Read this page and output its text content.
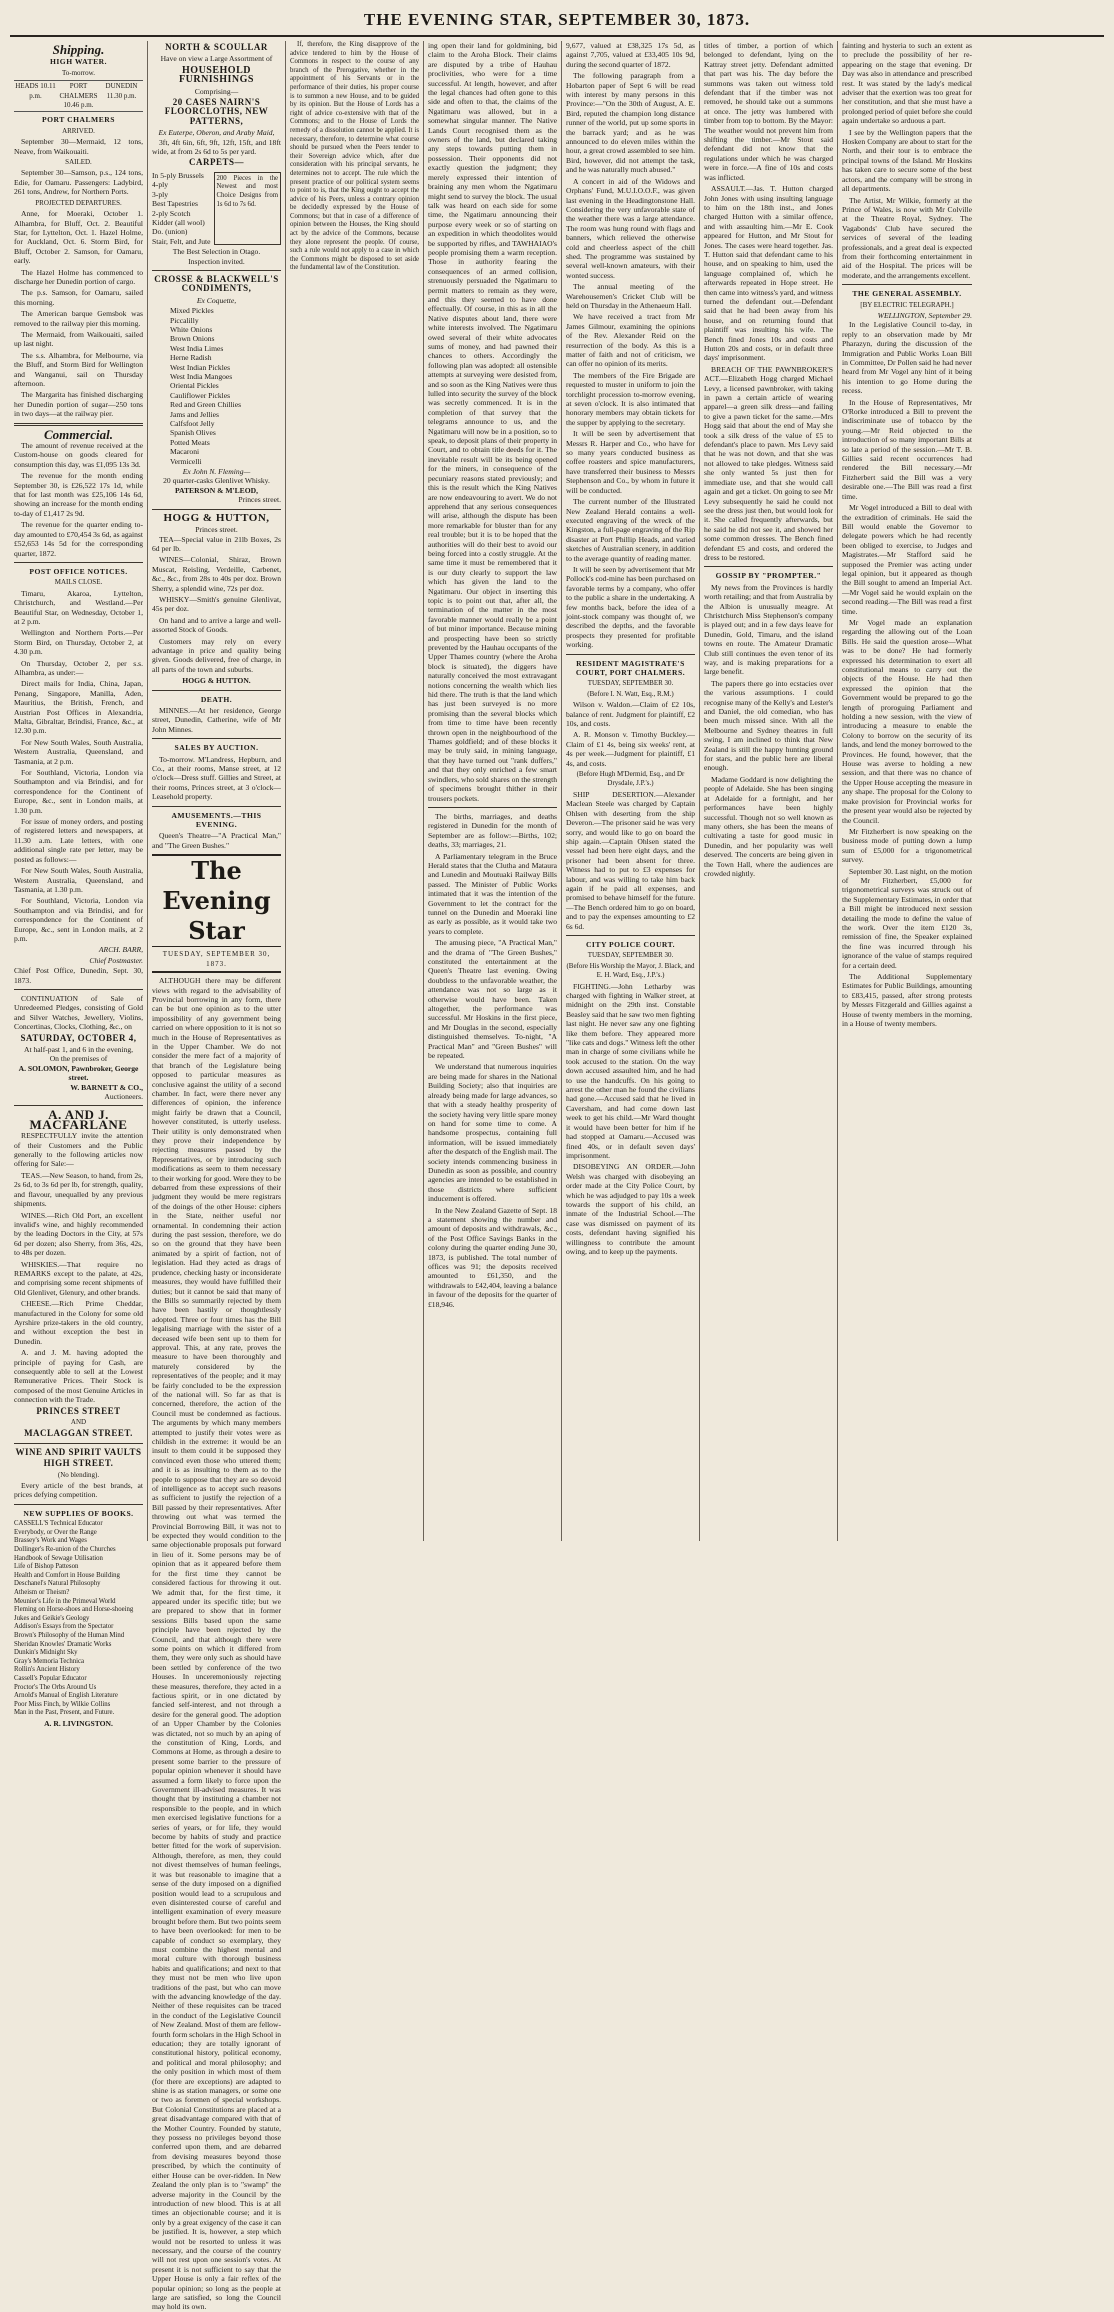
THE EVENING STAR, SEPTEMBER 30, 1873.
Shipping.
HIGH WATER.
To-morrow.
HEADS 10.11 p.m.
PORT CHALMERS 10.46 p.m.
DUNEDIN 11.30 p.m.
PORT CHALMERS
ARRIVED.

September 30—Mermaid, 12 tons, Neave, from Waikouaiti.

SAILED.

September 30—Samson, p.s., 124 tons, Edie, for Oamaru. Passengers: Ladybird, 261 tons, Andrew, for Northern Ports.

PROJECTED DEPARTURES.

Anne, for Moeraki, October 1. Alhambra, for Bluff, Oct. 2. Beautiful Star, for Lyttelton, Oct. 1. Hazel Holme, for Auckland, Oct. 6. Storm Bird, for Bluff, October 2. Samson, for Oamaru, early.

The Hazel Holme has commenced to discharge her Dunedin portion of cargo.

The p.s. Samson, for Oamaru, sailed this morning.

The American barque Gemsbok was removed to the railway pier this morning.

The Mermaid, from Waikouaiti, sailed up last night.

The s.s. Alhambra, for Melbourne, via the Bluff, and Storm Bird for Wellington and Wanganui, sail on Thursday afternoon.

The Margarita has finished discharging her Dunedin portion of sugar—250 tons in two days—at the railway pier.

Commercial.

The amount of revenue received at the Custom-house on goods cleared for consumption this day, was £1,095 13s 3d.

The revenue for the month ending September 30, is £26,522 17s 1d, while that for last month was £25,106 14s 6d, showing an increase for the month ending to-day of £1,417 2s 9d.

The revenue for the quarter ending to-day amounted to £70,454 3s 6d, as against £52,653 14s 5d for the corresponding quarter, 1872.

POST OFFICE NOTICES.
MAILS CLOSE.

Timaru, Akaroa, Lyttelton, Christchurch, and Westland.—Per Beautiful Star, on Wednesday, October 1, at 2 p.m.

Wellington and Northern Ports.—Per Storm Bird, on Thursday, October 2, at 4.30 p.m.

On Thursday, October 2, per s.s. Alhambra, as under:—

Direct mails for India, China, Japan, Penang, Singapore, Manilla, Aden, Mauritius, the British, French, and Austrian Post Offices in Alexandria, Malta, Gibraltar, Brindisi, France, &c., at 12.30 p.m.

For New South Wales, South Australia, Western Australia, Queensland, and Tasmania, at 2 p.m.

For Southland, Victoria, London via Southampton and via Brindisi, and for correspondence for the Continent of Europe, &c., sent in London mails, at 1.30 p.m.

For issue of money orders, and posting of registered letters and newspapers, at 11.30 a.m. Late letters, with one additional single rate per letter, may be posted as follows:—

For New South Wales, South Australia, Western Australia, Queensland, and Tasmania, at 1.30 p.m.

For Southland, Victoria, London via Southampton and via Brindisi, and for correspondence for the Continent of Europe, &c., sent in London mails, at 2 p.m.

ARCH. BARR,
Chief Postmaster.

Chief Post Office, Dunedin, Sept. 30, 1873.

CONTINUATION of Sale of Unredeemed Pledges, consisting of Gold and Silver Watches, Jewellery, Violins, Concertinas, Clocks, Clothing, &c., on

SATURDAY, OCTOBER 4,
At half-past 1, and 6 in the evening,
On the premises of
A. SOLOMON, Pawnbroker, George street.
W. BARNETT & CO.,
Auctioneers.
A. AND J. MACFARLANE

RESPECTFULLY invite the attention of their Customers and the Public generally to the following articles now offering for Sale:—

TEAS.—New Season, to hand, from 2s, 2s 6d, to 3s 6d per lb, for strength, quality, and flavour, unequalled by any previous shipments.

WINES.—Rich Old Port, an excellent invalid's wine, and highly recommended by the leading Doctors in the City, at 57s 6d per dozen; also Sherry, from 36s, 42s, to 48s per dozen.

WHISKIES.—That require no REMARKS except to the palate, at 42s, and comprising some recent shipments of Old Glenlivet, Glenury, and other brands.

CHEESE.—Rich Prime Cheddar, manufactured in the Colony for some old Ayrshire prize-takers in the old country, and without exception the best in Dunedin.

A. and J. M. having adopted the principle of paying for Cash, are consequently able to sell at the Lowest Remunerative Prices. Their Stock is composed of the most Genuine Articles in connection with the Trade.

PRINCES STREET
AND
MACLAGGAN STREET.
WINE AND SPIRIT VAULTS
HIGH STREET.
(No blending).

Every article of the best brands, at prices defying competition.

NEW SUPPLIES OF BOOKS.
CASSELL'S Technical Educator
Everybody, or Over the Range
Brassey's Work and Wages
Dollinger's Re-union of the Churches
Handbook of Sewage Utilisation
Life of Bishop Patteson
Health and Comfort in House Building
Deschanel's Natural Philosophy
Atheism or Theism?
Meunier's Life in the Primeval World
Fleming on Horse-shoes and Horse-shoeing
Jukes and Geikie's Geology
Addison's Essays from the Spectator
Brown's Philosophy of the Human Mind
Sheridan Knowles' Dramatic Works
Dunkin's Midnight Sky
Gray's Memoria Technica
Rollin's Ancient History
Cassell's Popular Educator
Proctor's The Orbs Around Us
Arnold's Manual of English Literature
Poor Miss Finch, by Wilkie Collins
Man in the Past, Present, and Future.
A. R. LIVINGSTON.
NORTH & SCOULLAR
Have on view a Large Assortment of
HOUSEHOLD FURNISHINGS
Comprising—
20 CASES NAIRN'S FLOORCLOTHS, NEW PATTERNS,
Ex Euterpe, Oberon, and Araby Maid,

3ft, 4ft 6in, 6ft, 9ft, 12ft, 15ft, and 18ft wide, at from 2s 6d to 5s per yard.

CARPETS—
In 5-ply Brussels
4-ply
3-ply
Best Tapestries
2-ply Scotch
Kidder (all wool)
Do. (union)
Stair, Felt, and Jute
200 Pieces in the Newest and most Choice Designs from 1s 6d to 7s 6d.
The Best Selection in Otago.
Inspection invited.
CROSSE & BLACKWELL'S CONDIMENTS,
Ex Coquette,
Mixed Pickles
Piccalilly
White Onions
Brown Onions
West India Limes
Herne Radish
West Indian Pickles
West India Mangoes
Oriental Pickles
Cauliflower Pickles
Red and Green Chillies
Jams and Jellies
Calfsfoot Jelly
Spanish Olives
Potted Meats
Macaroni
Vermicelli
Ex John N. Fleming—
20 quarter-casks Glenlivet Whisky.
PATERSON & M'LEOD,
Princes street.
HOGG & HUTTON,
Princes street.

TEA—Special value in 21lb Boxes, 2s 6d per lb.

WINES—Colonial, Shiraz, Brown Muscat, Reisling, Verdeille, Carbenet, &c., &c., from 28s to 40s per doz. Brown Sherry, a splendid wine, 72s per doz.

WHISKY—Smith's genuine Glenlivat, 45s per doz.

On hand and to arrive a large and well-assorted Stock of Goods.

Customers may rely on every advantage in price and quality being given. Goods delivered, free of charge, in all parts of the town and suburbs.

HOGG & HUTTON.
DEATH.

MINNES.—At her residence, George street, Dunedin, Catherine, wife of Mr John Minnes.

SALES BY AUCTION.

To-morrow. M'Landress, Hepburn, and Co., at their rooms, Manse street, at 12 o'clock—Dress stuff. Gillies and Street, at their rooms, Princes street, at 3 o'clock—Leasehold property.

AMUSEMENTS.—THIS EVENING.

Queen's Theatre—"A Practical Man," and "The Green Bushes."

The Evening Star
TUESDAY, SEPTEMBER 30, 1873.

ALTHOUGH there may be different views with regard to the advisability of Provincial borrowing in any form, there can be but one opinion as to the utter impossibility of any government being carried on where opposition to it is not so much in the House of Representatives as in the Upper Chamber. We do not consider the mere fact of a majority of that branch of the Legislature being opposed to particular measures as conclusive against the utility of a second chamber. In fact, were there never any differences of opinion, the inference might fairly be drawn that a Council, however constituted, is utterly useless. Their utility is only demonstrated when they prove their independence by rejecting measures passed by the Representatives, or by introducing such modifications as seem to them necessary to their working for good. Were they to be debarred from these expressions of their judgment they would be mere registrars of the doings of the other House: ciphers in the State, neither useful nor ornamental. In condemning their action during the past session, therefore, we do so on the ground that they have been animated by a spirit of faction, not of legislation. Had they acted as drags of prudence, checking hasty or inconsiderate measures, they would have fulfilled their duties; but it cannot be said that many of the Bills so summarily rejected by them have been hastily or thoughtlessly adopted. Three or four times has the Bill legalising marriage with the sister of a deceased wife been sent up to them for approval. This, at any rate, proves the measure to have been thoroughly and maturely considered by the representatives of the people; and it may be fairly concluded to be the expression of the national will. So far as that is concerned, therefore, the action of the Council must be condemned as factious. The arguments by which many members attempted to justify their votes were as childish in the extreme: it would be an insult to them could it be supposed they convinced even those who uttered them; and it is as insulting to them as to the people to suppose that they are so devoid of intelligence as to accept such reasons as sufficient to justify the rejection of a Bill passed by their representatives. After throwing out what was termed the Provincial Borrowing Bill, it was not to be expected they would condition to the same objectionable proposals put forward in lieu of it. Some persons may be of opinion that as it appeared before them for the first time they cannot be considered factious for throwing it out. We admit that, for the first time, it appeared under its specific title; but we are prepared to show that in former sessions Bills based upon the same principle have been rejected by the Council, and that although there were some points on which it differed from them, they were only such as should have been settled by conference of the two Houses. In unceremoniously rejecting these measures, therefore, they acted in a factious spirit, or in one dictated by fancied self-interest, and not through a desire for the general good. The adoption of an Upper Chamber by the Colonies was dictated, not so much by an aping of the constitution of King, Lords, and Commons at Home, as through a desire to present some barrier to the pressure of popular opinion whenever it should have assumed a form likely to force upon the Government ill-advised measures. It was thought that by instituting a chamber not responsible to the people, and in which men exercised legislative functions for a series of years, or for life, they would become by habits of study and practice better fitted for the work of supervision. Although, therefore, as men, they could not divest themselves of human feelings, it was but reasonable to imagine that a sense of the duty imposed on a dignified position would lead to a scrupulous and even disinterested course of careful and intelligent examination of every measure brought before them. But two points seem to have been overlooked: for men to be capable of conduct so exemplary, they must combine the highest mental and moral culture with thorough business habits and qualifications; and next to that they must not be men who live upon traditions of the past, but who can move with the advancing knowledge of the day. Neither of these requisites can be traced in the conduct of the Legislative Council of New Zealand. Most of them are fellow-fourth form scholars in the High School in education; they are totally ignorant of constitutional history, political economy, and political and moral philosophy; and the only position in which most of them (for there are exceptions) are adapted to shine is as station managers, or some one or two as foremen of special workshops. But Colonial Constitutions are placed at a great disadvantage compared with that of the Mother Country. Founded by statute, they possess no privileges beyond those conferred upon them, and are debarred from devising measures beyond those prescribed, by which the continuity of either House can be over-ridden. In New Zealand the only plan is to "swamp" the adverse majority in the Council by the introduction of new blood. This is at all times an objectionable course; and it is only by a great exigency of the case it can be justified. It is, however, a step which would not be resorted to unless it was necessary, and the course of the country will not rest upon one session's votes. At present it is not sufficient to say that the Upper House is only a fair reflex of the popular opinion; so long as the people at large are satisfied, so long the Council may hold its own.

If, therefore, the King disapprove of the advice tendered to him by the House of Commons in respect to the course of any branch of the Prerogative, whether in the appointment of his Servants or in the performance of their duties, his proper course is to summon a new House, and to be guided by its opinion. But the House of Lords has a right of advice co-extensive with that of the Commons; and to the House of Lords the remedy of a dissolution cannot be applied. It is necessary, therefore, to determine what course should be pursued when the Peers tender to their Sovereign advice which, after due consideration with his principal servants, he determines not to accept. The rule which the present practice of our political system seems to point to is, that the King ought to accept the advice of his Peers, unless a contrary opinion be decidedly expressed by the House of Commons; but that in case of a difference of opinion between the Houses, the King should act by the advice of the Commons, because they alone represent the people. Of course, such a rule would not apply to a case in which the Commons might be disposed to set aside the fundamental law of the Constitution.

ing open their land for goldmining, bid claim to the Aroha Block. Their claims are disputed by a tribe of Hauhau proclivities, who were for a time successful. At length, however, and after the legal chances had often gone to this side and often to that, the claims of the Ngatimaru was allowed, but in a somewhat singular manner. The Native Lands Court recognised them as the owners of the land, but declared taking any steps towards putting them in possession. Their opponents did not exactly question the judgment; they merely expressed their intention of braining any men whom the Ngatimaru might send to survey the block. The usual talk was heard on each side for some time, the Ngatimaru announcing their purpose every week or so of starting on an expedition in which theodolites would be supported by rifles, and TAWHAIAO's people promising them a warm reception. Those in authority fearing the consequences of an armed collision, strenuously persuaded the Ngatimaru to permit matters to remain as they were, and this they seemed to have done effectually. Of course, in this as in all the Native disputes about land, there were white interests involved. The Ngatimaru owed several of their white advocates sums of money, and had pawned their chances to others. Accordingly the following plan was adopted: all ostensible attempts at surveying were desisted from, and so soon as the King Natives were thus lulled into security the survey of the block was secretly commenced. It is in the completion of that survey that the telegrams announce to us, and the Ngatimaru will now be in a position, so to speak, to deposit plans of their property in Court, and to obtain title deeds for it. The inevitable result will be its being opened for the miners, in consequence of the pecuniary reasons stated previously; and this is the result which the King Natives are now endeavouring to avert. We do not apprehend that any serious consequences will arise, although the dispute has been more remarkable for bluster than for any real trouble; but it is to be hoped that the authorities will do their best to avoid our being forced into a costly struggle. At the same time it must be remembered that it is our duty clearly to support the law which has given the land to the Ngatimaru. Our object in inserting this topic is to point out that, after all, the termination of the matter in the most favorable manner would really be a point of but minor importance. Because mining and prospecting have been so strictly prevented by the Hauhau occupants of the Upper Thames country (where the Aroha block is situated), the diggers have naturally conceived the most extravagant notions concerning the wealth which lies hid there. The truth is that the land which has just been surveyed is no more promising than the several blocks which from time to time have been recently thrown open in the neighbourhood of the Thames goldfield; and of these blocks it may be truly said, in mining language, that they have turned out "rank duffers," and that they only enriched a few smart swindlers, who sold shares on the strength of specimens brought thither in their trousers pockets.

The births, marriages, and deaths registered in Dunedin for the month of September are as follow:—Births, 102; deaths, 33; marriages, 21.

A Parliamentary telegram in the Bruce Herald states that the Clutha and Mataura and Lunedin and Moutuaki Railway Bills passed. The Minister of Public Works intimated that it was the intention of the Government to let the contract for the tunnel on the Dunedin and Moeraki line as early as possible, as it would take two years to complete.

The amusing piece, "A Practical Man," and the drama of "The Green Bushes," constituted the entertainment at the Queen's Theatre last evening. Owing doubtless to the unfavorable weather, the attendance was not so large as it otherwise would have been. Taken altogether, the performance was successful. Mr Hoskins in the first piece, and Mr Douglas in the second, especially distinguished themselves. To-night, "A Practical Man" and "Green Bushes" will be repeated.

We understand that numerous inquiries are being made for shares in the National Building Society; also that inquiries are already being made for large advances, so that with a steady healthy prosperity of the society having very little spare money on hand for some time to come. A handsome prospectus, containing full information, will be issued immediately after the despatch of the English mail. The society intends commencing business in Dunedin as soon as possible, and country agencies are intended to be established in those districts where sufficient inducement is offered.

In the New Zealand Gazette of Sept. 18 a statement showing the number and amount of deposits and withdrawals, &c., of the Post Office Savings Banks in the colony during the quarter ending June 30, 1873, is published. The total number of offices was 91; the deposits received amounted to £61,350, and the withdrawals to £42,404, leaving a balance in favour of the deposits for the quarter of £18,946.

9,677, valued at £38,325 17s 5d, as against 7,705, valued at £33,405 10s 9d, during the second quarter of 1872.

The following paragraph from a Hobarton paper of Sept 6 will be read with interest by many persons in this Province:—"On the 30th of August, A. E. Bird, reputed the champion long distance runner of the world, put up some sports in the barrack yard; and as he was announced to do eleven miles within the hour, a great crowd assembled to see him. Bird, however, did not attempt the task, and he was naturally much abused."

A concert in aid of the Widows and Orphans' Fund, M.U.I.O.O.F., was given last evening in the Headingtonstone Hall. Considering the very unfavorable state of the weather there was a large attendance. The room was hung round with flags and banners, which relieved the otherwise cold and cheerless aspect of the chill shed. The programme was sustained by several well-known amateurs, with their wonted success.

The annual meeting of the Warehousemen's Cricket Club will be held on Thursday in the Athenaeum Hall.

We have received a tract from Mr James Gilmour, examining the opinions of the Rev. Alexander Reid on the resurrection of the body. As this is a matter of faith and not of criticism, we can offer no opinion of its merits.

The members of the Fire Brigade are requested to muster in uniform to join the torchlight procession to-morrow evening, at seven o'clock. It is also intimated that honorary members may obtain tickets for the supper by applying to the secretary.

It will be seen by advertisement that Messrs R. Harper and Co., who have for so many years conducted business as coffee roasters and spice manufacturers, have transferred their business to Messrs Stephenson and Co., by whom in future it will be conducted.

The current number of the Illustrated New Zealand Herald contains a well-executed engraving of the wreck of the Kingston, a full-page engraving of the Rip disaster at Port Phillip Heads, and varied sketches of Australian scenery, in addition to the average quantity of reading matter.

It will be seen by advertisement that Mr Pollock's cod-mine has been purchased on favorable terms by a company, who offer to the public a share in the undertaking. A few months back, before the idea of a joint-stock company was thought of, we described the depths, and the favorable prospects they presented for profitable working.

RESIDENT MAGISTRATE'S COURT, PORT CHALMERS.
TUESDAY, SEPTEMBER 30.
(Before I. N. Watt, Esq., R.M.)

Wilson v. Waldon.—Claim of £2 10s, balance of rent. Judgment for plaintiff, £2 10s, and costs.

A. R. Monson v. Timothy Buckley.—Claim of £1 4s, being six weeks' rent, at 4s per week.—Judgment for plaintiff, £1 4s, and costs.

(Before Hugh M'Dermid, Esq., and Dr Drysdale, J.P.'s.)

SHIP DESERTION.—Alexander Maclean Steele was charged by Captain Ohlsen with deserting from the ship Deveron.—The prisoner said he was very sorry, and would like to go on board the ship again.—Captain Ohlsen stated the vessel had been here eight days, and the prisoner had been absent for three. Witness had to put to £3 expenses for labour, and was willing to take him back again if he paid all expenses, and promised to behave himself for the future.—The Bench ordered him to go on board, and to pay the expenses amounting to £2 6s 6d.

CITY POLICE COURT.
TUESDAY, SEPTEMBER 30.
(Before His Worship the Mayor, J. Black, and E. H. Ward, Esq., J.P.'s.)

FIGHTING.—John Letharby was charged with fighting in Walker street, at midnight on the 29th inst. Constable Beasley said that he saw two men fighting last night. He never saw any one fighting like them before. They appeared more "like cats and dogs." Witness left the other man in charge of some civilians while he took accused to the station. On the way down accused assaulted him, and he had to use the handcuffs. On his going to arrest the other man he found the civilians had gone.—Accused said that he lived in Caversham, and had come down last week to get his child.—Mr Ward thought it would have been better for him if he had stopped at Oamaru.—Accused was fined 40s, or in default seven days' imprisonment.

DISOBEYING AN ORDER.—John Welsh was charged with disobeying an order made at the City Police Court, by which he was adjudged to pay 10s a week towards the support of his child, an inmate of the Industrial School.—The case was dismissed on payment of its costs, defendant having signified his willingness to contribute the amount owing, and to keep up the payments.

titles of timber, a portion of which belonged to defendant, lying on the Kattray street jetty. Defendant admitted that part was his. The day before the summons was taken out witness told defendant that if the timber was not removed, he should take out a summons at once. The jetty was lumbered with timber from top to bottom. By the Mayor: The weather would not prevent him from shifting the timber.—Mr Stout said defendant did not know that the regulations under which he was charged were in force.—A fine of 10s and costs was inflicted.

ASSAULT.—Jas. T. Hutton charged John Jones with using insulting language to him on the 18th inst., and Jones charged Hutton with a similar offence, and with assaulting him.—Mr E. Cook appeared for Hutton, and Mr Stout for Jones. The cases were heard together. Jas. T. Hutton said that defendant came to his house, and on speaking to him, used the language complained of, which he afterwards repeated in Hope street. He then came into witness's yard, and witness turned the defendant out.—Defendant said that he had been away from his house, and on returning found that plaintiff was insulting his wife. The Bench fined Jones 10s and costs and Hutton 20s and costs, or in default three days' imprisonment.

BREACH OF THE PAWNBROKER'S ACT.—Elizabeth Hogg charged Michael Levy, a licensed pawnbroker, with taking in pawn a certain article of wearing apparel—a green silk dress—and failing to give a pawn ticket for the same.—Mrs Hogg said that about the end of May she took a silk dress of the value of £5 to defendant's place to pawn. Mrs Levy said that he was not down, and that she was not allowed to take pledges. Witness said she only wanted 5s just then for immediate use, and that she would call again and get a ticket. On going to see Mr Levy subsequently he said he could not see the dress just then, but would look for it. She called frequently afterwards, but he said he did not see it, and showed her some common dresses. The Bench fined defendant £5 and costs, and ordered the dress to be restored.

GOSSIP BY "PROMPTER."

My news from the Provinces is hardly worth retailing; and that from Australia by the Albion is unusually meagre. At Christchurch Miss Stephenson's company is played out; and in a few days leave for Dunedin, Gold, Timaru, and the island towns en route. The Amateur Dramatic Club still continues the even tenor of its way, and is making preparations for a large benefit.

The papers there go into ecstacies over the various assumptions. I could recognise many of the Kelly's and Lester's and Daniel, the old comedian, who has been much missed since. With all the Melbourne and Sydney theatres in full swing, I am inclined to think that New Zealand is still the happy hunting ground for stars, and the public here are liberal enough.

Madame Goddard is now delighting the people of Adelaide. She has been singing at Adelaide for a fortnight, and her performances have been highly successful. Though not so well known as many others, she has been the means of cultivating a taste for good music in Dunedin, and her popularity was well deserved. The concerts are being given in the Town Hall, where the audiences are crowded nightly.

fainting and hysteria to such an extent as to preclude the possibility of her re-appearing on the stage that evening. Dr Day was also in attendance and prescribed rest. It was stated by the lady's medical adviser that the exertion was too great for her constitution, and that she must have a prolonged period of quiet before she could again undertake so arduous a part.

I see by the Wellington papers that the Hosken Company are about to start for the North, and their tour is to embrace the principal towns of the Island. Mr Hoskins has taken care to secure some of the best actors, and the company will be strong in all departments.

The Artist, Mr Wilkie, formerly at the Prince of Wales, is now with Mr Colville at the Theatre Royal, Sydney. The Vagabonds' Club have secured the services of several of the leading professionals, and a great deal is expected from their forthcoming entertainment in aid of the Hospital. The prices will be moderate, and the arrangements excellent.

THE GENERAL ASSEMBLY.
[BY ELECTRIC TELEGRAPH.]
WELLINGTON, September 29.

In the Legislative Council to-day, in reply to an observation made by Mr Pharazyn, during the discussion of the Immigration and Public Works Loan Bill in Committee, Dr Pollen said he had never heard from Mr Vogel any hint of it being his intention to go Home during the recess.

In the House of Representatives, Mr O'Rorke introduced a Bill to prevent the indiscriminate use of tobacco by the young.—Mr Reid objected to the introduction of so many important Bills at so late a period of the session.—Mr T. B. Gillies said recent occurrences had rendered the Bill necessary.—Mr Fitzherbert said the Bill was a very desirable one.—The Bill was read a first time.

Mr Vogel introduced a Bill to deal with the extradition of criminals. He said the Bill would enable the Governor to delegate powers which he had recently been obliged to exercise, to Judges and Magistrates.—Mr Stafford said he supposed the Premier was acting under legal opinion, but it appeared as though the Bill sought to amend an Imperial Act.—Mr Vogel said he would explain on the second reading.—The Bill was read a first time.

Mr Vogel made an explanation regarding the allowing out of the Loan Bills. He said the question arose—What was to be done? He had formerly expressed his determination to exert all constitutional means to carry out the objects of the House. He had then expressed the opinion that the Government would be prepared to go the length of proroguing Parliament and holding a new session, with the view of introducing a measure to enable the Colony to borrow on the security of its lands, and lend the money borrowed to the Provinces. He found, however, that the House was averse to holding a new session, and that there was no chance of the Upper House accepting the measure in any shape. The proposal for the Colony to make provision for Provincial works for the present year would also be rejected by the Council.

Mr Fitzherbert is now speaking on the business mode of putting down a lump sum of £5,000 for a trigonometrical survey.

September 30. Last night, on the motion of Mr Fitzherbert, £5,000 for trigonometrical surveys was struck out of the Supplementary Estimates, in order that a Bill might be introduced next session detailing the mode to define the value of the work. Over the item £120 3s, remission of fine, the Speaker explained the fine was incurred through his ignorance of the value of stamps required for a certain deed.

The Additional Supplementary Estimates for Public Buildings, amounting to £83,415, passed, after strong protests by Messrs Fitzgerald and Gillies against a House of twenty members in the morning, in a House of twenty members.
